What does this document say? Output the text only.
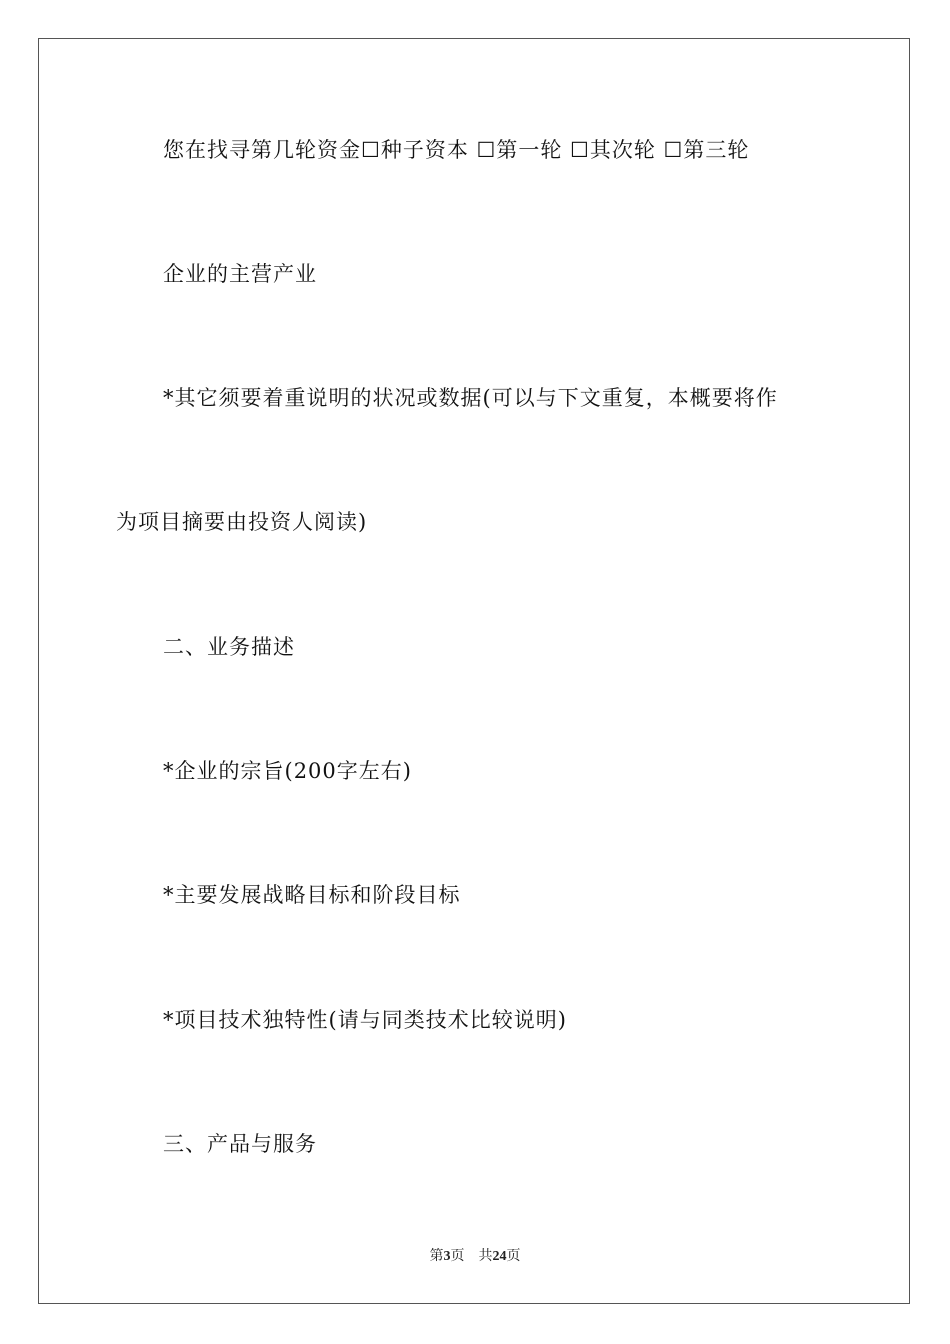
您在找寻第几轮资金☐种子资本 ☐第一轮 ☐其次轮 ☐第三轮
企业的主营产业
*其它须要着重说明的状况或数据(可以与下文重复，本概要将作
为项目摘要由投资人阅读)
二、业务描述
*企业的宗旨(200字左右)
*主要发展战略目标和阶段目标
*项目技术独特性(请与同类技术比较说明)
三、产品与服务
第3页 共24页
